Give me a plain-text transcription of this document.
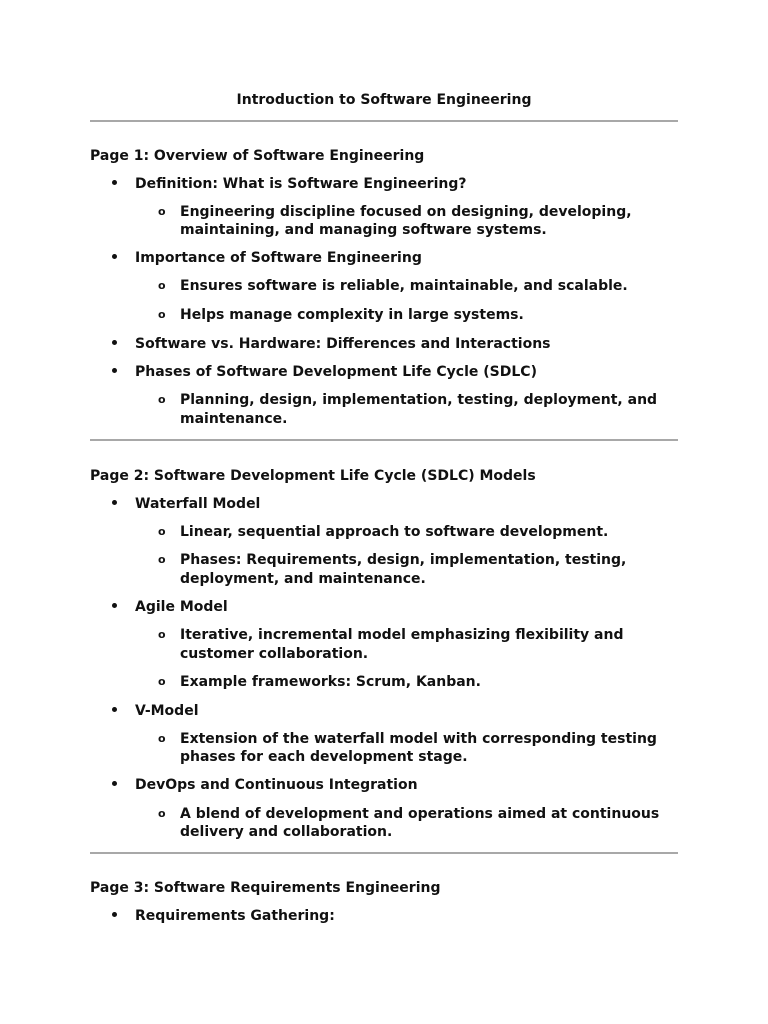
Introduction to Software Engineering
Page 1: Overview of Software Engineering
Definition: What is Software Engineering?
o Engineering discipline focused on designing, developing,
maintaining, and managing software systems.
Importance of Software Engineering
o Ensures software is reliable, maintainable, and scalable.
o Helps manage complexity in large systems.
Software vs. Hardware: Differences and Interactions
Phases of Software Development Life Cycle (SDLC)
o Planning, design, implementation, testing, deployment, and
maintenance.
Page 2: Software Development Life Cycle (SDLC) Models
Waterfall Model
o Linear, sequential approach to software development.
o Phases: Requirements, design, implementation, testing,
deployment, and maintenance.
Agile Model
o Iterative, incremental model emphasizing flexibility and
customer collaboration.
o Example frameworks: Scrum, Kanban.
V-Model
o Extension of the waterfall model with corresponding testing
phases for each development stage.
DevOps and Continuous Integration
o A blend of development and operations aimed at continuous
delivery and collaboration.
Page 3: Software Requirements Engineering
Requirements Gathering:
